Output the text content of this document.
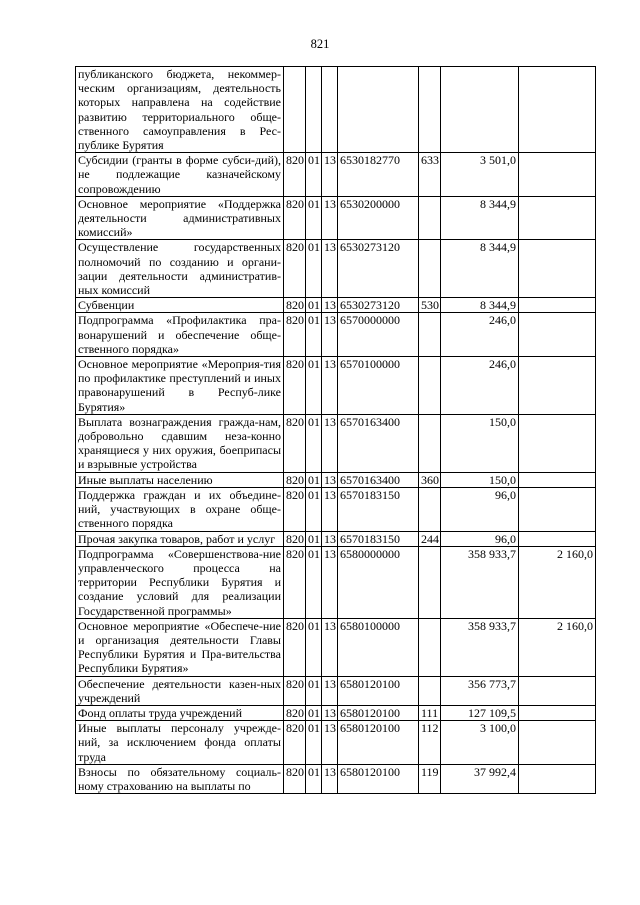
821
публиканского бюджета, некоммер-ческим организациям, деятельность которых направлена на содействие развитию территориального обще-ственного самоуправления в Рес-публике Бурятия							
Субсидии (гранты в форме субси-дий), не подлежащие казначейскому сопровождению	820	01	13	6530182770	633	3 501,0	
Основное мероприятие «Поддержка деятельности административных комиссий»	820	01	13	6530200000		8 344,9	
Осуществление государственных полномочий по созданию и органи-зации деятельности административ-ных комиссий	820	01	13	6530273120		8 344,9	
Субвенции	820	01	13	6530273120	530	8 344,9	
Подпрограмма «Профилактика пра-вонарушений и обеспечение обще-ственного порядка»	820	01	13	6570000000		246,0	
Основное мероприятие «Мероприя-тия по профилактике преступлений и иных правонарушений в Респуб-лике Бурятия»	820	01	13	6570100000		246,0	
Выплата вознаграждения гражда-нам, добровольно сдавшим неза-конно хранящиеся у них оружия, боеприпасы и взрывные устройства	820	01	13	6570163400		150,0	
Иные выплаты населению	820	01	13	6570163400	360	150,0	
Поддержка граждан и их объедине-ний, участвующих в охране обще-ственного порядка	820	01	13	6570183150		96,0	
Прочая закупка товаров, работ и услуг	820	01	13	6570183150	244	96,0	
Подпрограмма «Совершенствова-ние управленческого процесса на территории Республики Бурятия и создание условий для реализации Государственной программы»	820	01	13	6580000000		358 933,7	2 160,0
Основное мероприятие «Обеспече-ние и организация деятельности Главы Республики Бурятия и Пра-вительства Республики Бурятия»	820	01	13	6580100000		358 933,7	2 160,0
Обеспечение деятельности казен-ных учреждений	820	01	13	6580120100		356 773,7	
Фонд оплаты труда учреждений	820	01	13	6580120100	111	127 109,5	
Иные выплаты персоналу учрежде-ний, за исключением фонда оплаты труда	820	01	13	6580120100	112	3 100,0	
Взносы по обязательному социаль-ному страхованию на выплаты по	820	01	13	6580120100	119	37 992,4	
